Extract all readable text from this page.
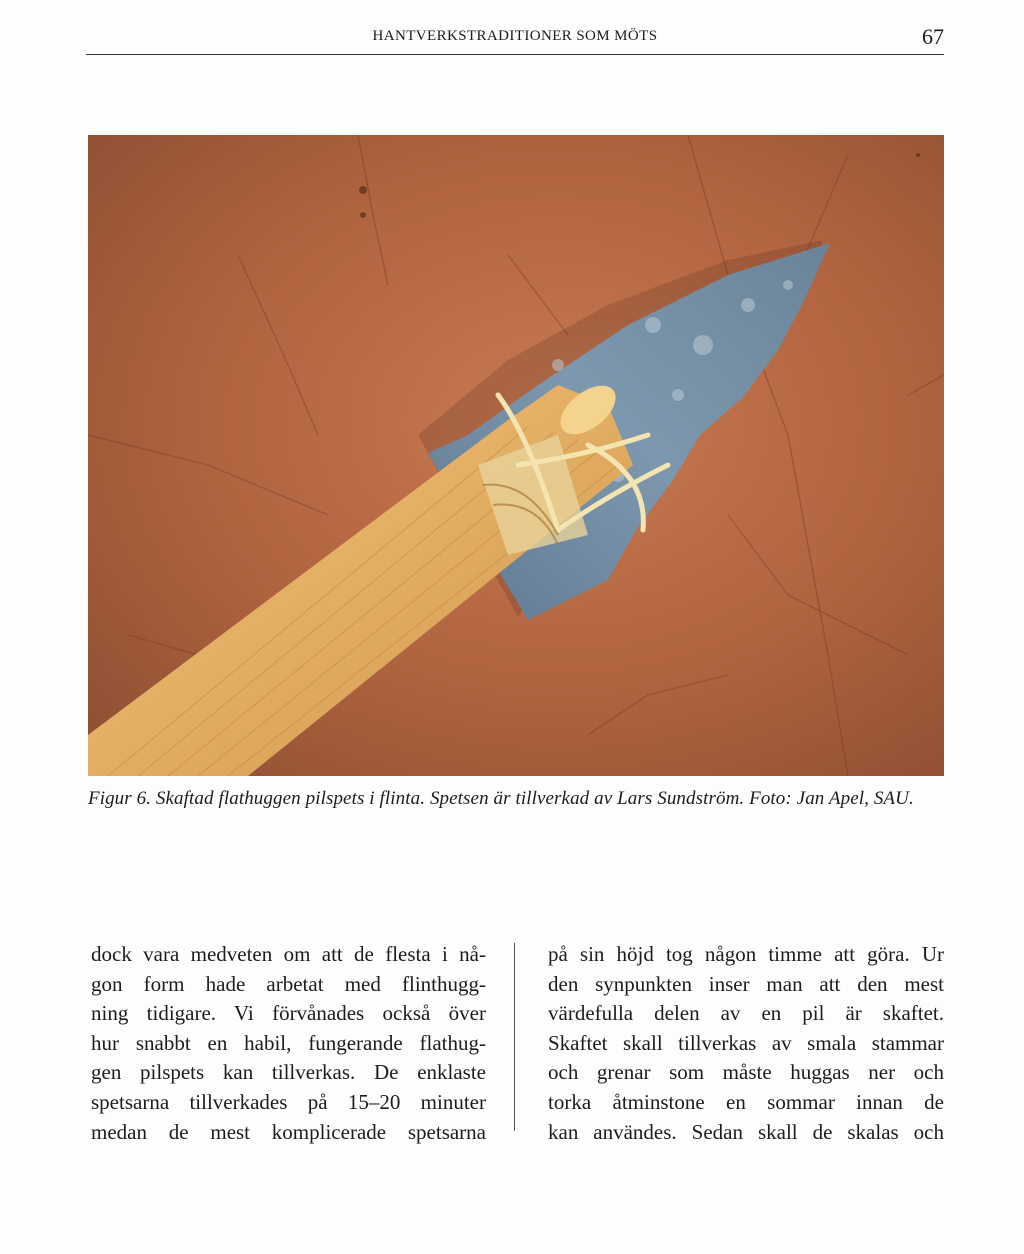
HANTVERKSTRADITIONER SOM MÖTS	67
Figur 6. Skaftad flathuggen pilspets i flinta. Spetsen är tillverkad av Lars Sundström. Foto: Jan Apel, SAU.
dock vara medveten om att de flesta i nå-
gon form hade arbetat med flinthugg-
ning tidigare. Vi förvånades också över
hur snabbt en habil, fungerande flathug-
gen pilspets kan tillverkas. De enklaste
spetsarna tillverkades på 15–20 minuter
medan de mest komplicerade spetsarna
på sin höjd tog någon timme att göra. Ur
den synpunkten inser man att den mest
värdefulla delen av en pil är skaftet.
Skaftet skall tillverkas av smala stammar
och grenar som måste huggas ner och
torka åtminstone en sommar innan de
kan användes. Sedan skall de skalas och
